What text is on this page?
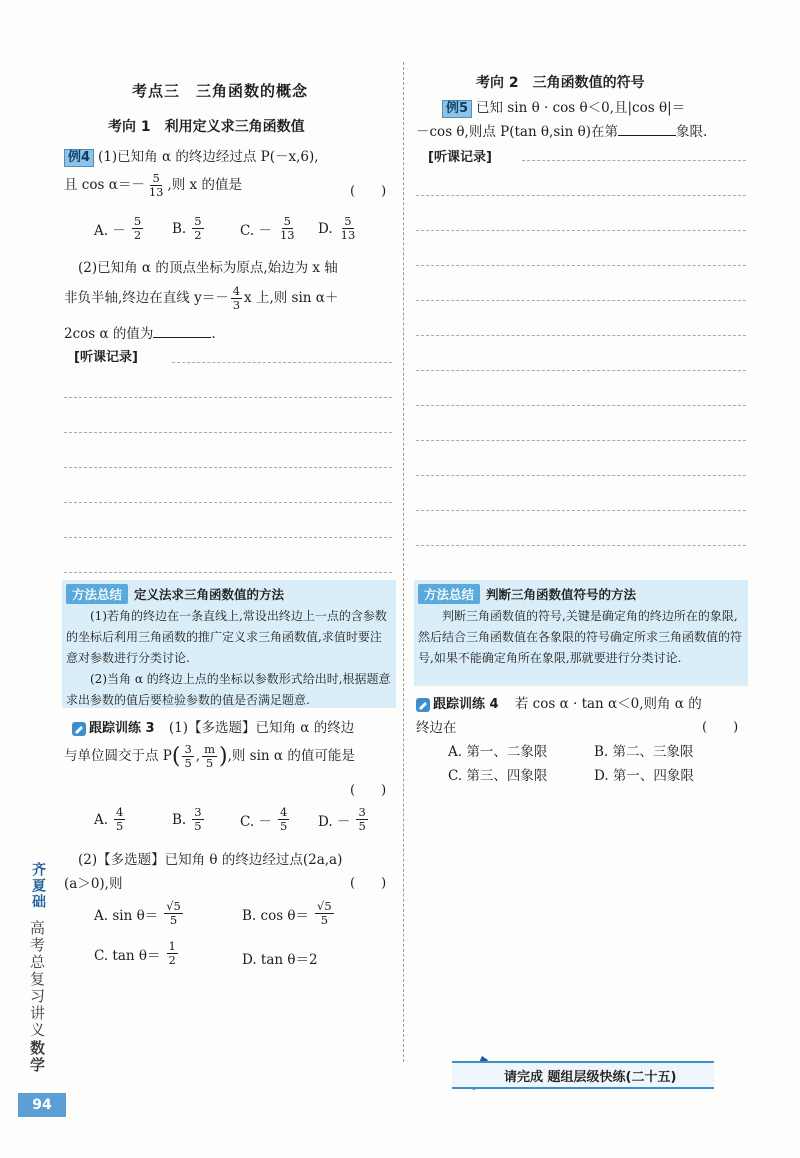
考点三　三角函数的概念
考向 1　利用定义求三角函数值
例4 (1)已知角 α 的终边经过点 P(－x,6),
且 $\cos \alpha=- \frac{5}{13}$ ,则 x 的值是	(　　)
A. － $\frac{5}{2} B$. $\frac{5}{2}$	C. － $\frac{5}{13} D$. $\frac{5}{13}$
(2)已知角 α 的顶点坐标为原点,始边为 x 轴
非负半轴,终边在直线 $y=- \frac{4}{3}$ x 上,则 sin α＋
2cos α 的值为	.
[听课记录]
方法总结 定义法求三角函数值的方法
(1)若角的终边在一条直线上,常设出终边上一点的含参数的坐标后利用三角函数的推广定义求三角函数值,求值时要注意对参数进行分类讨论.
(2)当角 α 的终边上点的坐标以参数形式给出时,根据题意求出参数的值后要检验参数的值是否满足题意.
跟踪训练 3 (1)【多选题】已知角 α 的终边
与单位圆交于点 $P( \frac{3}{5}$ , $\frac{m}{5}$ ),则 sin α 的值可能是
(　　)
A. $\frac{4}{5}$	B. $\frac{3}{5}$	C. － $\frac{4}{5} D$. － $\frac{3}{5}$
(2)【多选题】已知角 θ 的终边经过点(2a,a)
(a＞0),则	(　　)
A. $\sin \theta= \frac{√5}{5}$	B. $\cos \theta= \frac{√5}{5}$
C. $\tan \theta= \frac{1}{2}$	D. tan θ＝2
考向 2　三角函数值的符号
例5 已知 sin θ · cos θ＜0,且|cos θ|＝
－cos θ,则点 P(tan θ,sin θ)在第	象限.
[听课记录]
方法总结 判断三角函数值符号的方法
判断三角函数值的符号,关键是确定角的终边所在的象限,然后结合三角函数值在各象限的符号确定所求三角函数值的符号,如果不能确定角所在象限,那就要进行分类讨论.
跟踪训练 4 若 cos α · tan α＜0,则角 α 的
终边在	(　　)
A. 第一、二象限	B. 第二、三象限
C. 第三、四象限	D. 第一、四象限
请完成 题组层级快练(二十五)
齐夏础
高考总复习讲义
数学
94
